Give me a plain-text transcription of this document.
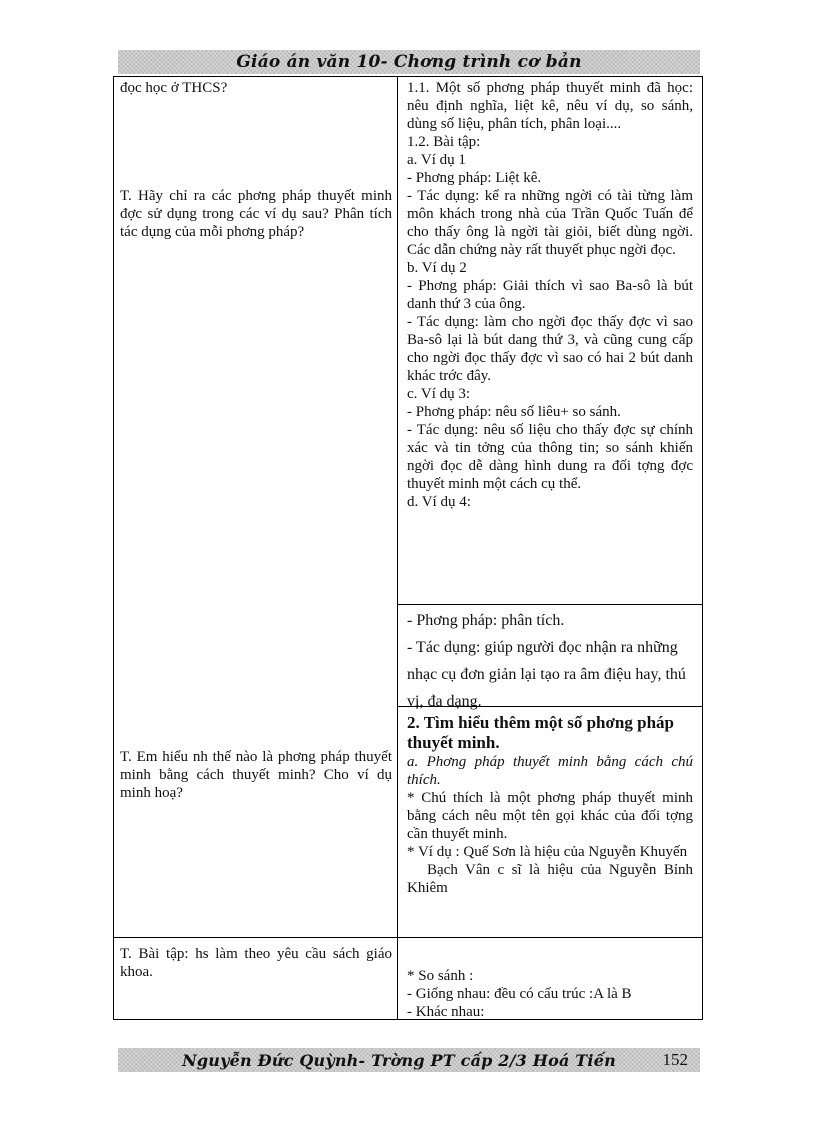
Giáo án văn 10- Chơng trình cơ bản
đọc học ở THCS?
T. Hãy chỉ ra các phơng pháp thuyết minh đợc sử dụng trong các ví dụ sau? Phân tích tác dụng của mỗi phơng pháp?
T. Em hiểu nh thế nào là phơng pháp thuyết minh bằng cách thuyết minh? Cho ví dụ minh hoạ?
T. Bài tập: hs làm theo yêu cầu sách giáo khoa.

1.1. Một số phơng pháp thuyết minh đã học: nêu định nghĩa, liệt kê, nêu ví dụ, so sánh, dùng số liệu, phân tích, phân loại....

1.2. Bài tập:

a. Ví dụ 1

- Phơng pháp: Liệt kê.

- Tác dụng: kể ra những ngời có tài từng làm môn khách trong nhà của Trần Quốc Tuấn để cho thấy ông là ngời tài giỏi, biết dùng ngời. Các dẫn chứng này rất thuyết phục ngời đọc.

b. Ví dụ 2

- Phơng pháp: Giải thích vì sao Ba-sô là bút danh thứ 3 của ông.

- Tác dụng: làm cho ngời đọc thấy đợc vì sao Ba-sô lại là bút dang thứ 3, và cũng cung cấp cho ngời đọc thấy đợc vì sao có hai 2 bút danh khác trớc đây.

c. Ví dụ 3:

- Phơng pháp: nêu số liêu+ so sánh.

- Tác dụng: nêu số liệu cho thấy đợc sự chính xác và tin tởng của thông tin; so sánh khiến ngời đọc dễ dàng hình dung ra đối tợng đợc thuyết minh một cách cụ thể.

d. Ví dụ 4:

- Phơng pháp: phân tích.

- Tác dụng: giúp người đọc nhận ra những nhạc cụ đơn giản lại tạo ra âm điệu hay, thú vị, đa dạng.

2. Tìm hiểu thêm một số phơng pháp thuyết minh.

a. Phơng pháp thuyết minh bằng cách chú thích.

* Chú thích là một phơng pháp thuyết minh bằng cách nêu một tên gọi khác của đối tợng cần thuyết minh.

* Ví dụ : Quế Sơn là hiệu của Nguyễn Khuyến

Bạch Vân c sĩ là hiệu của Nguyễn Bỉnh Khiêm

* So sánh :

- Giống nhau: đều có cấu trúc :A là B

- Khác nhau:

Nguyễn Đức Quỳnh- Trờng PT cấp 2/3 Hoá Tiến	152
